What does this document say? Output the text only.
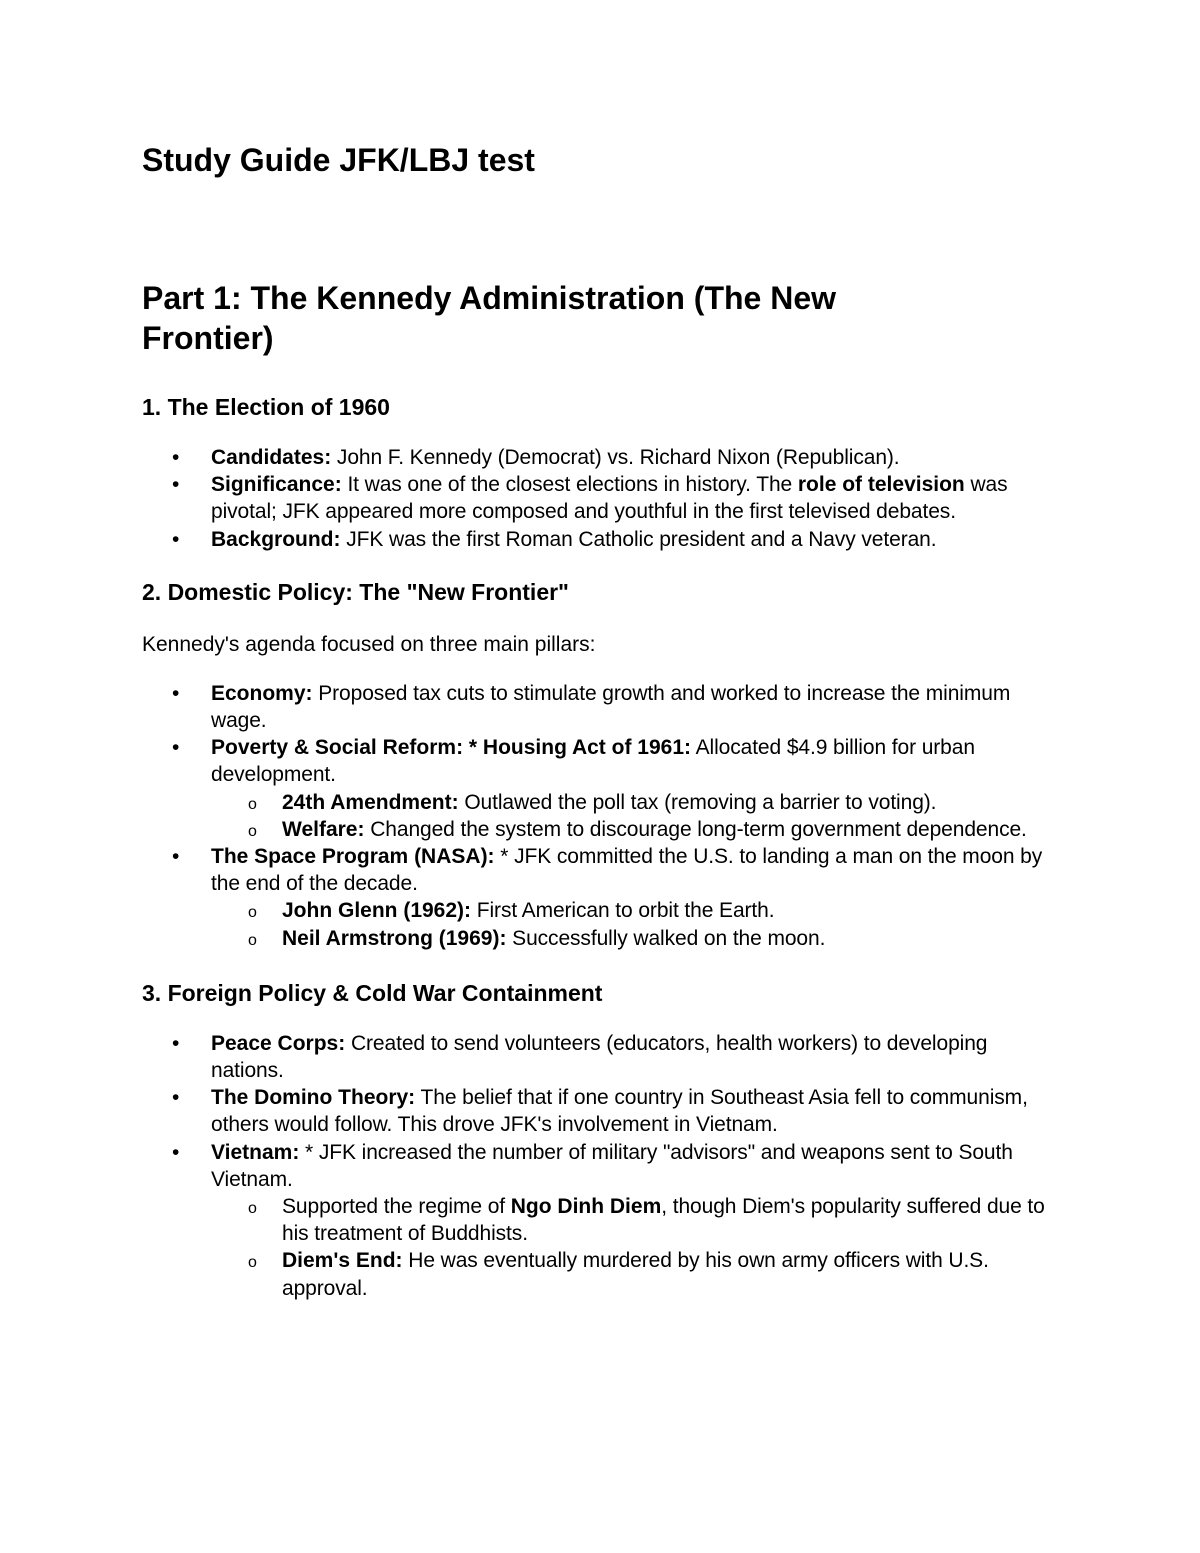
Study Guide JFK/LBJ test
Part 1: The Kennedy Administration (The New Frontier)
1. The Election of 1960
• Candidates: John F. Kennedy (Democrat) vs. Richard Nixon (Republican).
• Significance: It was one of the closest elections in history. The role of television was pivotal; JFK appeared more composed and youthful in the first televised debates.
• Background: JFK was the first Roman Catholic president and a Navy veteran.
2. Domestic Policy: The "New Frontier"

Kennedy's agenda focused on three main pillars:

• Economy: Proposed tax cuts to stimulate growth and worked to increase the minimum wage.
• Poverty & Social Reform: * Housing Act of 1961: Allocated $4.9 billion for urban development.
o 24th Amendment: Outlawed the poll tax (removing a barrier to voting).
o Welfare: Changed the system to discourage long-term government dependence.
• The Space Program (NASA): * JFK committed the U.S. to landing a man on the moon by the end of the decade.
o John Glenn (1962): First American to orbit the Earth.
o Neil Armstrong (1969): Successfully walked on the moon.
3. Foreign Policy & Cold War Containment
• Peace Corps: Created to send volunteers (educators, health workers) to developing nations.
• The Domino Theory: The belief that if one country in Southeast Asia fell to communism, others would follow. This drove JFK's involvement in Vietnam.
• Vietnam: * JFK increased the number of military "advisors" and weapons sent to South Vietnam.
o Supported the regime of Ngo Dinh Diem, though Diem's popularity suffered due to his treatment of Buddhists.
o Diem's End: He was eventually murdered by his own army officers with U.S. approval.
